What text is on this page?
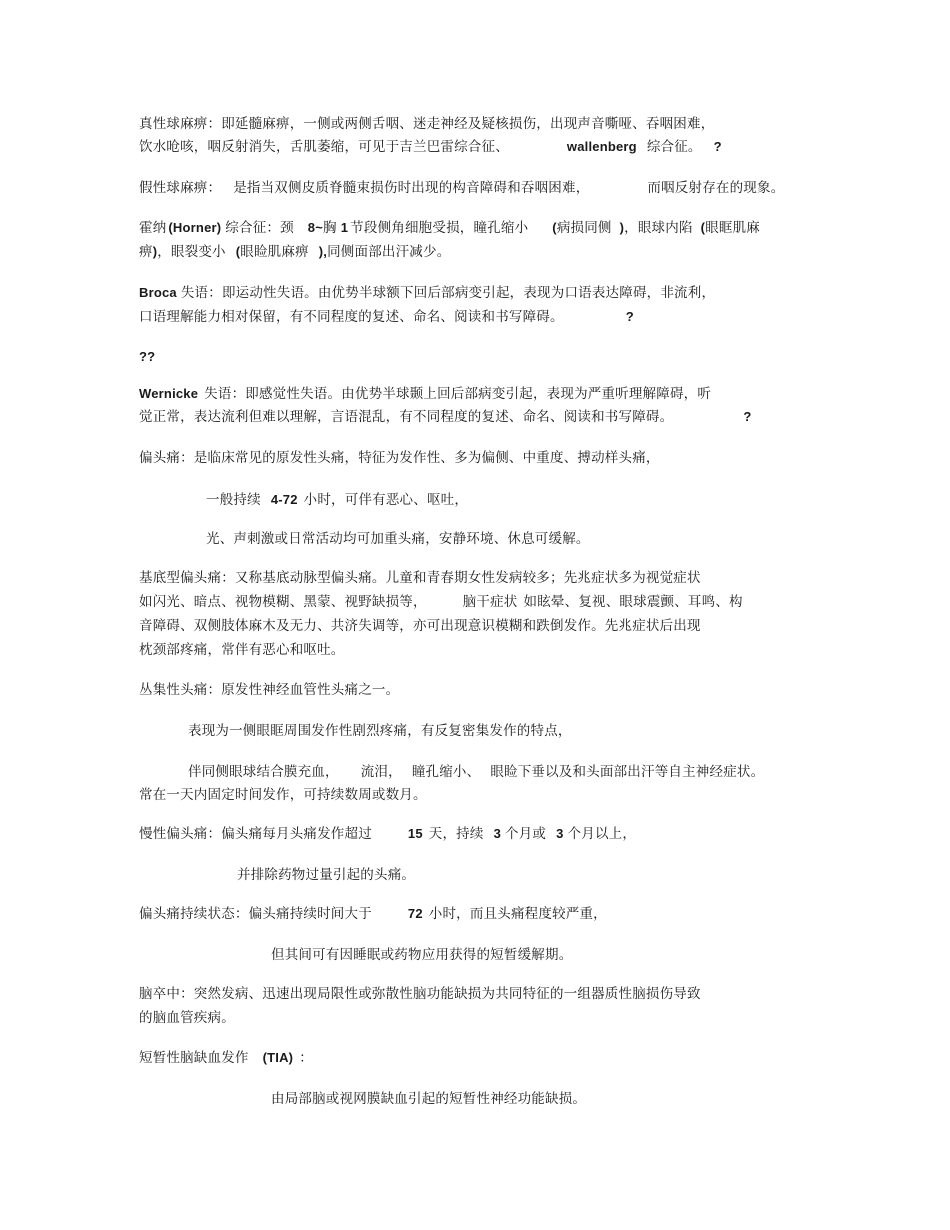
真性球麻痹：即延髓麻痹，一侧或两侧舌咽、迷走神经及疑核损伤，出现声音嘶哑、吞咽困难，
饮水呛咳，咽反射消失，舌肌萎缩，可见于吉兰巴雷综合征、	wallenberg 综合征。 ?
假性球麻痹： 是指当双侧皮质脊髓束损伤时出现的构音障碍和吞咽困难，	而咽反射存在的现象。
霍纳 (Horner) 综合征：颈 8~胸 1 节段侧角细胞受损，瞳孔缩小 (病损同侧 )，眼球内陷 (眼眶肌麻
痹)，眼裂变小 (眼睑肌麻痹 ),同侧面部出汗减少。
Broca 失语：即运动性失语。由优势半球额下回后部病变引起，表现为口语表达障碍，非流利，
口语理解能力相对保留，有不同程度的复述、命名、阅读和书写障碍。	?
??
Wernicke 失语：即感觉性失语。由优势半球颞上回后部病变引起，表现为严重听理解障碍，听
觉正常，表达流利但难以理解，言语混乱，有不同程度的复述、命名、阅读和书写障碍。	?
偏头痛：是临床常见的原发性头痛，特征为发作性、多为偏侧、中重度、搏动样头痛，
一般持续 4-72 小时，可伴有恶心、呕吐，
光、声刺激或日常活动均可加重头痛，安静环境、休息可缓解。
基底型偏头痛：又称基底动脉型偏头痛。儿童和青春期女性发病较多；先兆症状多为视觉症状
如闪光、暗点、视物模糊、黑蒙、视野缺损等，	脑干症状 如眩晕、复视、眼球震颤、耳鸣、构
音障碍、双侧肢体麻木及无力、共济失调等，亦可出现意识模糊和跌倒发作。先兆症状后出现
枕颈部疼痛，常伴有恶心和呕吐。
丛集性头痛：原发性神经血管性头痛之一。
表现为一侧眼眶周围发作性剧烈疼痛，有反复密集发作的特点，
伴同侧眼球结合膜充血， 流泪， 瞳孔缩小、 眼睑下垂以及和头面部出汗等自主神经症状。
常在一天内固定时间发作，可持续数周或数月。
慢性偏头痛：偏头痛每月头痛发作超过	15 天，持续 3 个月或 3 个月以上，
并排除药物过量引起的头痛。
偏头痛持续状态：偏头痛持续时间大于	72 小时，而且头痛程度较严重，
但其间可有因睡眠或药物应用获得的短暂缓解期。
脑卒中：突然发病、迅速出现局限性或弥散性脑功能缺损为共同特征的一组器质性脑损伤导致
的脑血管疾病。
短暂性脑缺血发作 (TIA) ：
由局部脑或视网膜缺血引起的短暂性神经功能缺损。
